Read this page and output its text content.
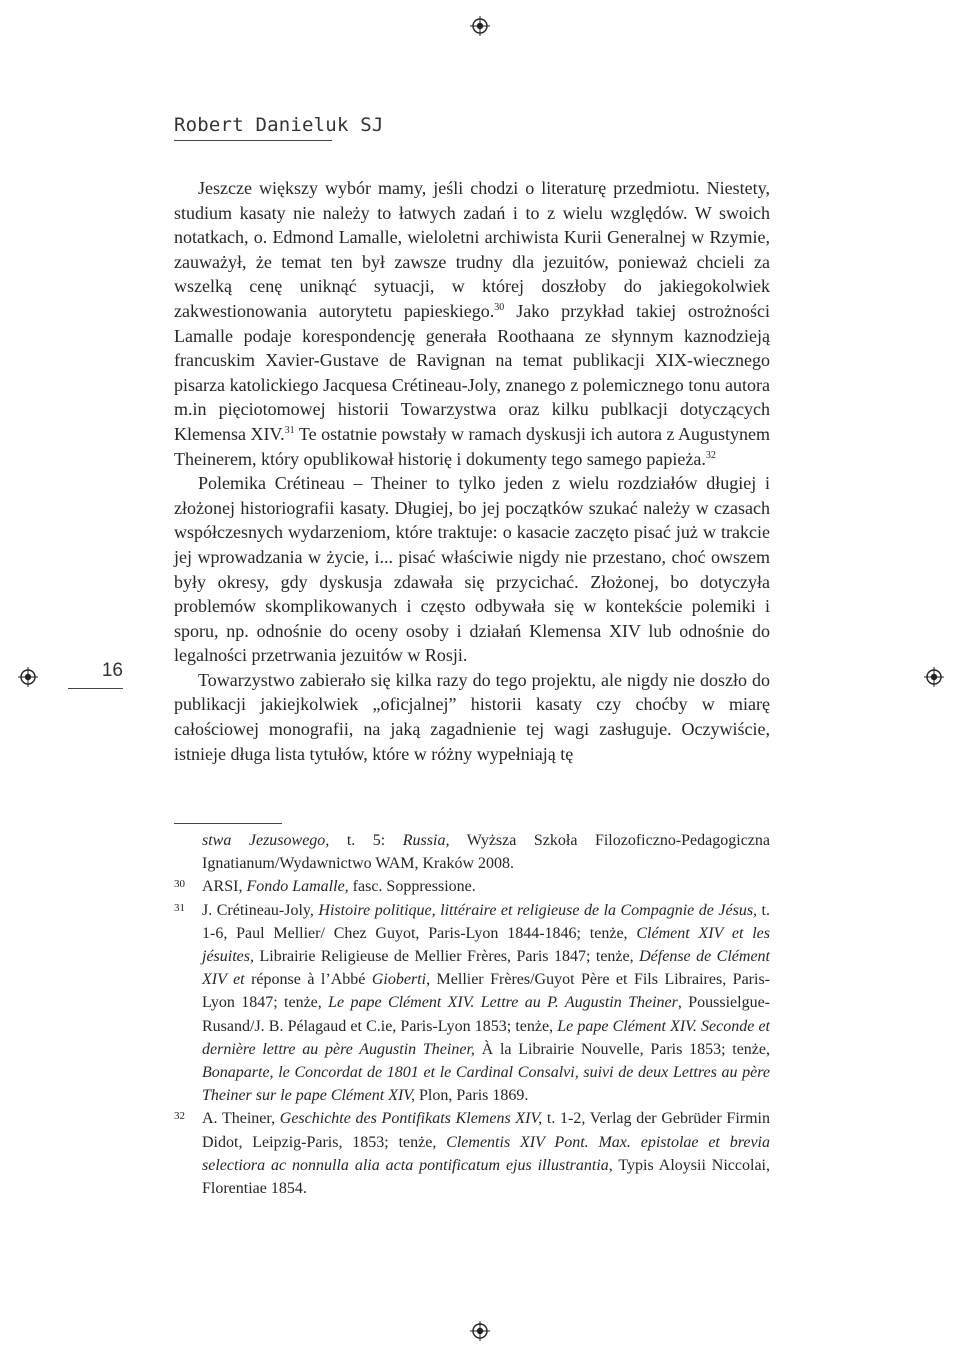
Robert Danieluk SJ
16

Jeszcze większy wybór mamy, jeśli chodzi o literaturę przedmiotu. Niestety, studium kasaty nie należy to łatwych zadań i to z wielu względów. W swoich notatkach, o. Edmond Lamalle, wieloletni archiwista Kurii Generalnej w Rzymie, zauważył, że temat ten był zawsze trudny dla jezuitów, ponieważ chcieli za wszelką cenę uniknąć sytuacji, w której doszłoby do jakiegokolwiek zakwestionowania autorytetu papieskiego.$^{30}$ Jako przykład takiej ostrożności Lamalle podaje korespondencję generała Roothaana ze słynnym kaznodzieją francuskim Xavier-Gustave de Ravignan na temat publikacji XIX-wiecznego pisarza katolickiego Jacquesa Crétineau-Joly, znanego z polemicznego tonu autora m.in pięciotomowej historii Towarzystwa oraz kilku publkacji dotyczących Klemensa XIV.$^{31}$ Te ostatnie powstały w ramach dyskusji ich autora z Augustynem Theinerem, który opublikował historię i dokumenty tego samego papieża.$^{32}$

Polemika Crétineau – Theiner to tylko jeden z wielu rozdziałów długiej i złożonej historiografii kasaty. Długiej, bo jej początków szukać należy w czasach współczesnych wydarzeniom, które traktuje: o kasacie zaczęto pisać już w trakcie jej wprowadzania w życie, i... pisać właściwie nigdy nie przestano, choć owszem były okresy, gdy dyskusja zdawała się przycichać. Złożonej, bo dotyczyła problemów skomplikowanych i często odbywała się w kontekście polemiki i sporu, np. odnośnie do oceny osoby i działań Klemensa XIV lub odnośnie do legalności przetrwania jezuitów w Rosji.

Towarzystwo zabierało się kilka razy do tego projektu, ale nigdy nie doszło do publikacji jakiejkolwiek „oficjalnej” historii kasaty czy choćby w miarę całościowej monografii, na jaką zagadnienie tej wagi zasługuje. Oczywiście, istnieje długa lista tytułów, które w różny wypełniają tę

stwa Jezusowego, t. 5: Russia, Wyższa Szkoła Filozoficzno-Pedagogiczna Ignatianum/Wydawnictwo WAM, Kraków 2008.
30 ARSI, Fondo Lamalle, fasc. Soppressione.
31 J. Crétineau-Joly, Histoire politique, littéraire et religieuse de la Compagnie de Jésus, t. 1-6, Paul Mellier/ Chez Guyot, Paris-Lyon 1844-1846; tenże, Clément XIV et les jésuites, Librairie Religieuse de Mellier Frères, Paris 1847; tenże, Défense de Clément XIV et réponse à l’Abbé Gioberti, Mellier Frères/Guyot Père et Fils Libraires, Paris-Lyon 1847; tenże, Le pape Clément XIV. Lettre au P. Augustin Theiner, Poussielgue-Rusand/J. B. Pélagaud et C.ie, Paris-Lyon 1853; tenże, Le pape Clément XIV. Seconde et dernière lettre au père Augustin Theiner, À la Librairie Nouvelle, Paris 1853; tenże, Bonaparte, le Concordat de 1801 et le Cardinal Consalvi, suivi de deux Lettres au père Theiner sur le pape Clément XIV, Plon, Paris 1869.
32 A. Theiner, Geschichte des Pontifikats Klemens XIV, t. 1-2, Verlag der Gebrüder Firmin Didot, Leipzig-Paris, 1853; tenże, Clementis XIV Pont. Max. epistolae et brevia selectiora ac nonnulla alia acta pontificatum ejus illustrantia, Typis Aloysii Niccolai, Florentiae 1854.
